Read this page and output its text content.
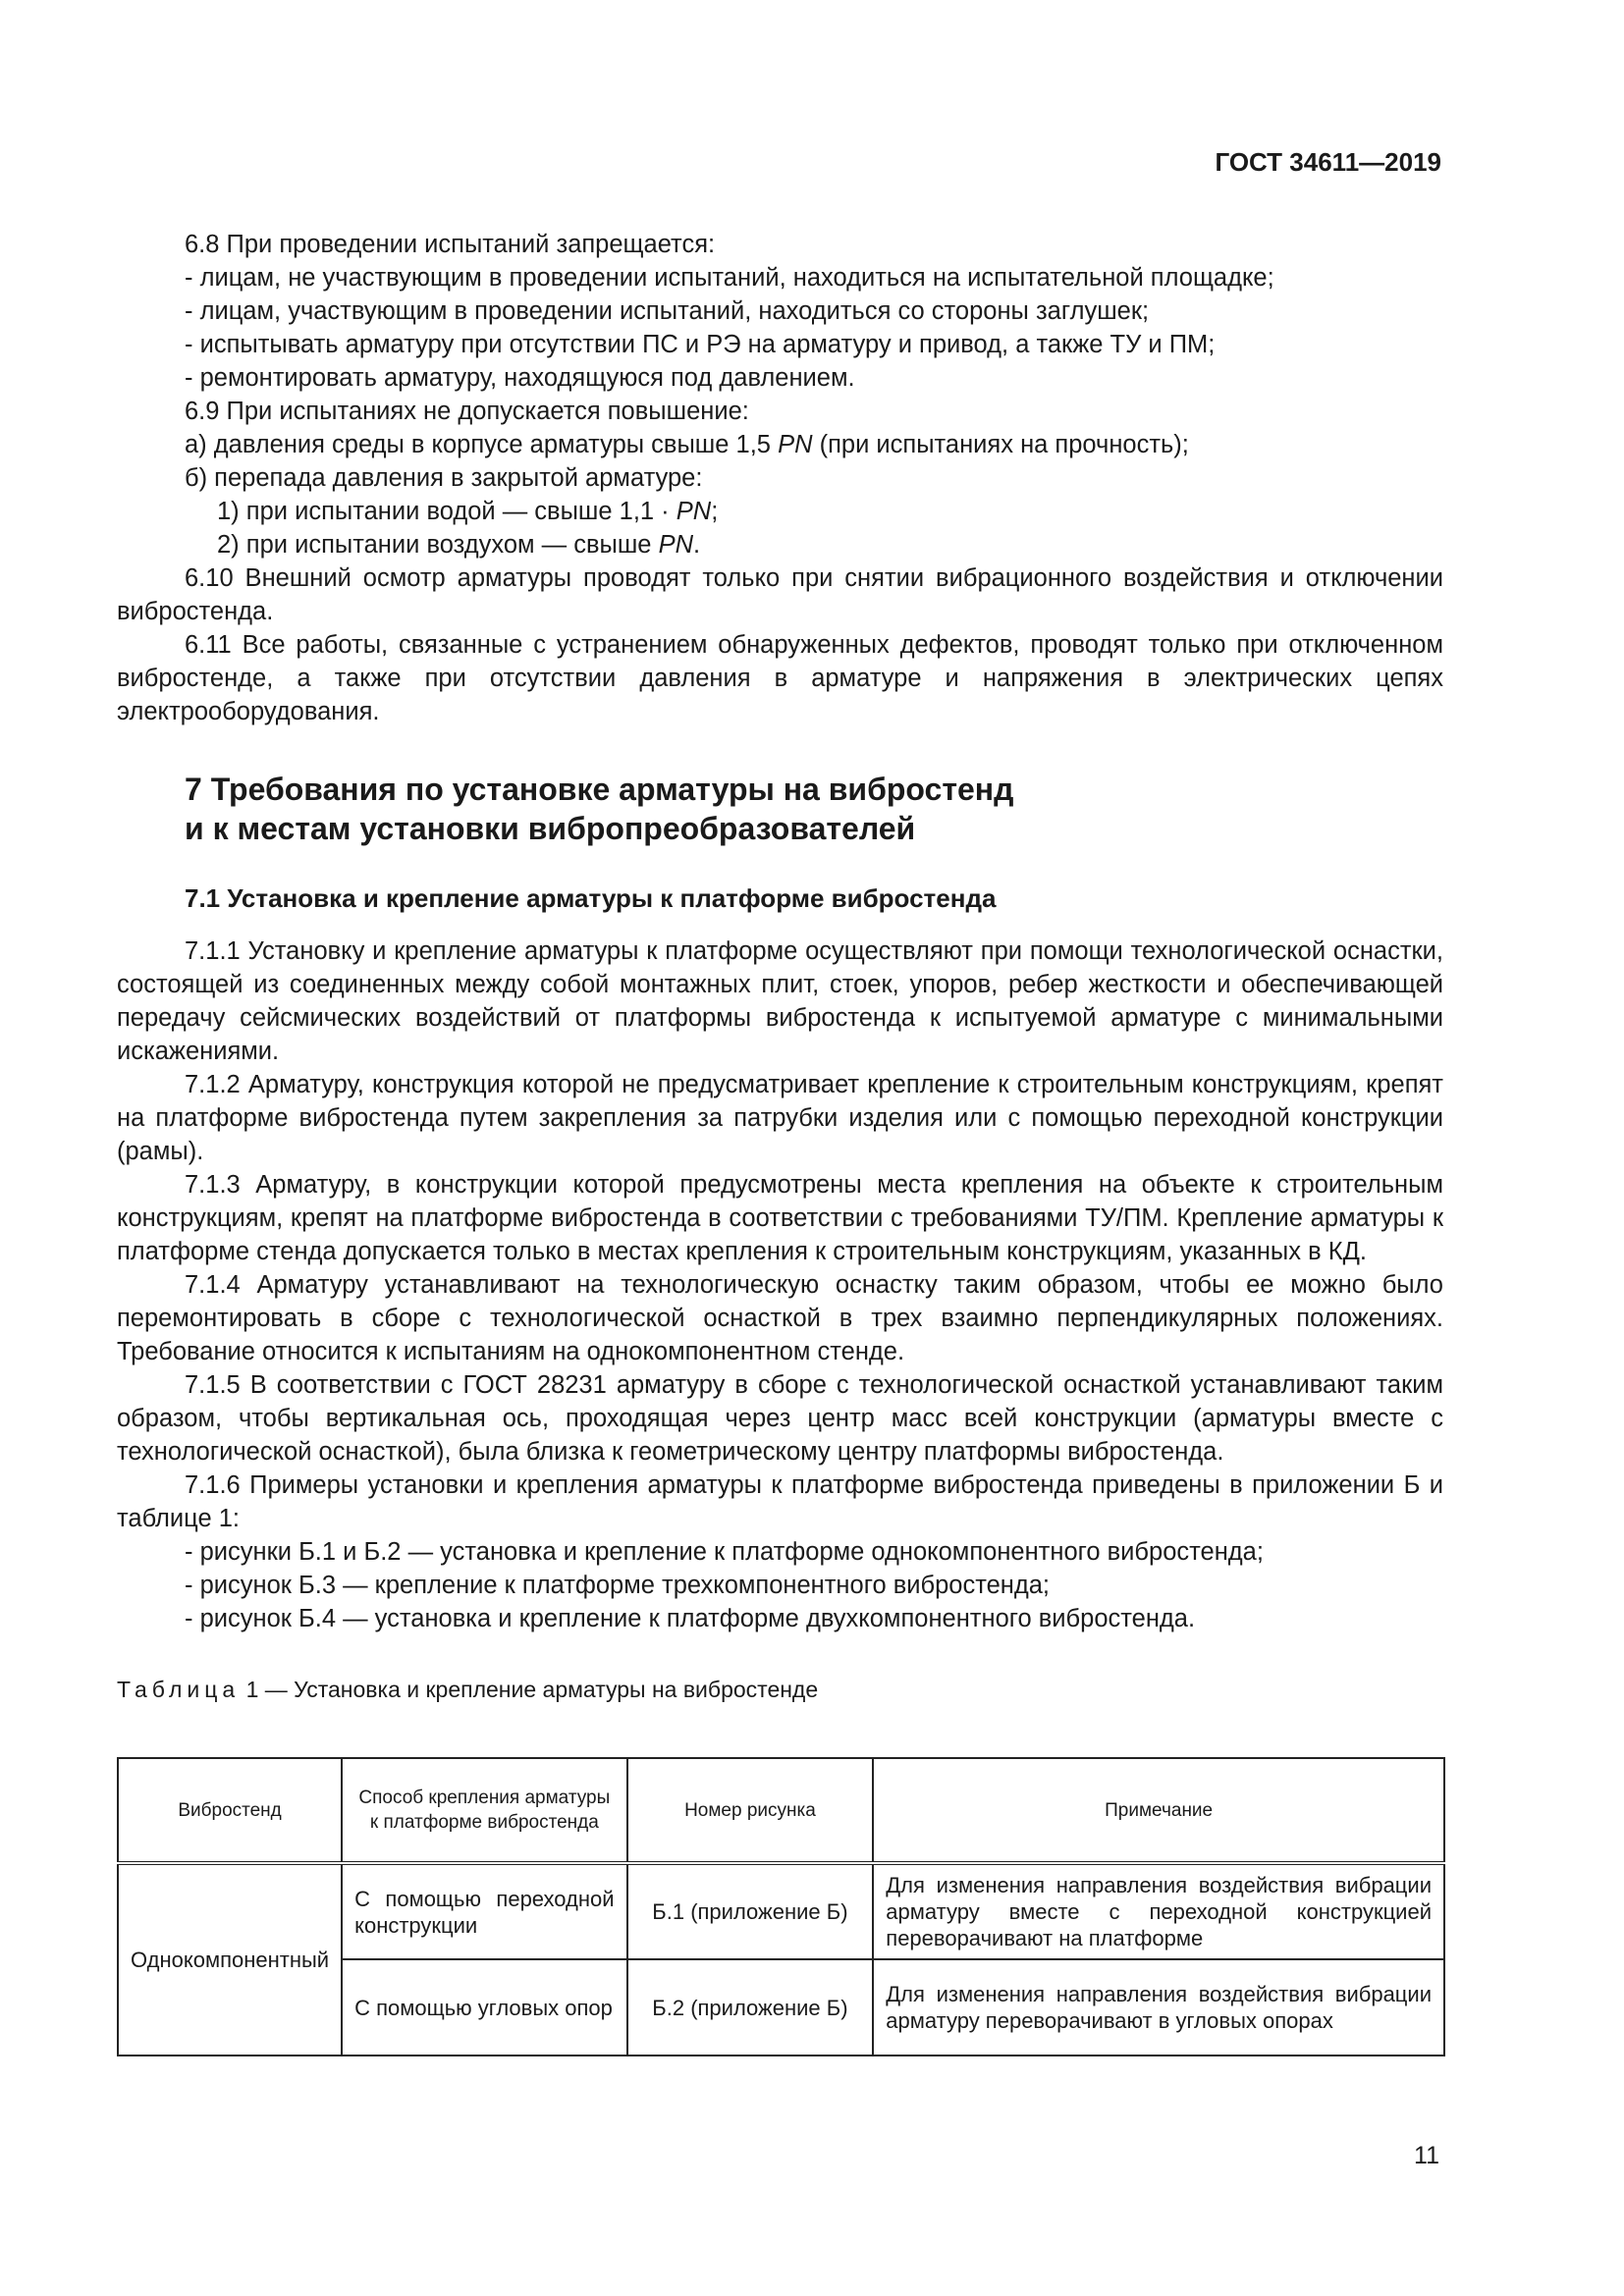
ГОСТ 34611—2019

6.8 При проведении испытаний запрещается:

- лицам, не участвующим в проведении испытаний, находиться на испытательной площадке;

- лицам, участвующим в проведении испытаний, находиться со стороны заглушек;

- испытывать арматуру при отсутствии ПС и РЭ на арматуру и привод, а также ТУ и ПМ;

- ремонтировать арматуру, находящуюся под давлением.

6.9 При испытаниях не допускается повышение:

а) давления среды в корпусе арматуры свыше 1,5 PN (при испытаниях на прочность);

б) перепада давления в закрытой арматуре:

1) при испытании водой — свыше 1,1 · PN;

2) при испытании воздухом — свыше PN.

6.10 Внешний осмотр арматуры проводят только при снятии вибрационного воздействия и отключении вибростенда.

6.11 Все работы, связанные с устранением обнаруженных дефектов, проводят только при отключенном вибростенде, а также при отсутствии давления в арматуре и напряжения в электрических цепях электрооборудования.

7 Требования по установке арматуры на вибростенд
и к местам установки вибропреобразователей
7.1 Установка и крепление арматуры к платформе вибростенда

7.1.1 Установку и крепление арматуры к платформе осуществляют при помощи технологической оснастки, состоящей из соединенных между собой монтажных плит, стоек, упоров, ребер жесткости и обеспечивающей передачу сейсмических воздействий от платформы вибростенда к испытуемой арматуре с минимальными искажениями.

7.1.2 Арматуру, конструкция которой не предусматривает крепление к строительным конструкциям, крепят на платформе вибростенда путем закрепления за патрубки изделия или с помощью переходной конструкции (рамы).

7.1.3 Арматуру, в конструкции которой предусмотрены места крепления на объекте к строительным конструкциям, крепят на платформе вибростенда в соответствии с требованиями ТУ/ПМ. Крепление арматуры к платформе стенда допускается только в местах крепления к строительным конструкциям, указанных в КД.

7.1.4 Арматуру устанавливают на технологическую оснастку таким образом, чтобы ее можно было перемонтировать в сборе с технологической оснасткой в трех взаимно перпендикулярных положениях. Требование относится к испытаниям на однокомпонентном стенде.

7.1.5 В соответствии с ГОСТ 28231 арматуру в сборе с технологической оснасткой устанавливают таким образом, чтобы вертикальная ось, проходящая через центр масс всей конструкции (арматуры вместе с технологической оснасткой), была близка к геометрическому центру платформы вибростенда.

7.1.6 Примеры установки и крепления арматуры к платформе вибростенда приведены в приложении Б и таблице 1:

- рисунки Б.1 и Б.2 — установка и крепление к платформе однокомпонентного вибростенда;

- рисунок Б.3 — крепление к платформе трехкомпонентного вибростенда;

- рисунок Б.4 — установка и крепление к платформе двухкомпонентного вибростенда.

Таблица 1 — Установка и крепление арматуры на вибростенде

Вибростенд	Способ крепления арматуры к платформе вибростенда	Номер рисунка	Примечание
Однокомпонентный	С помощью переходной конструкции	Б.1 (приложение Б)	Для изменения направления воздействия вибрации арматуру вместе с переходной конструкцией переворачивают на платформе
	С помощью угловых опор	Б.2 (приложение Б)	Для изменения направления воздействия вибрации арматуру переворачивают в угловых опорах
11
